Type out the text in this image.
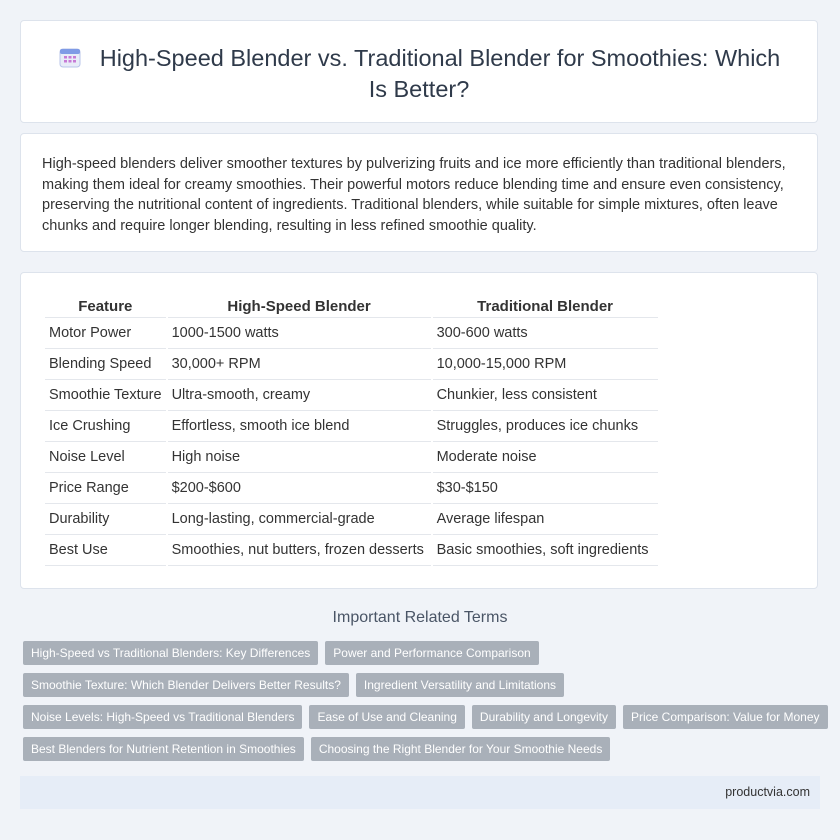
High-Speed Blender vs. Traditional Blender for Smoothies: Which Is Better?
High-speed blenders deliver smoother textures by pulverizing fruits and ice more efficiently than traditional blenders, making them ideal for creamy smoothies. Their powerful motors reduce blending time and ensure even consistency, preserving the nutritional content of ingredients. Traditional blenders, while suitable for simple mixtures, often leave chunks and require longer blending, resulting in less refined smoothie quality.
Feature	High-Speed Blender	Traditional Blender
Motor Power	1000-1500 watts	300-600 watts
Blending Speed	30,000+ RPM	10,000-15,000 RPM
Smoothie Texture	Ultra-smooth, creamy	Chunkier, less consistent
Ice Crushing	Effortless, smooth ice blend	Struggles, produces ice chunks
Noise Level	High noise	Moderate noise
Price Range	$200-$600	$30-$150
Durability	Long-lasting, commercial-grade	Average lifespan
Best Use	Smoothies, nut butters, frozen desserts	Basic smoothies, soft ingredients
Important Related Terms
High-Speed vs Traditional Blenders: Key Differences	Power and Performance Comparison
Smoothie Texture: Which Blender Delivers Better Results?	Ingredient Versatility and Limitations
Noise Levels: High-Speed vs Traditional Blenders	Ease of Use and Cleaning	Durability and Longevity	Price Comparison: Value for Money
Best Blenders for Nutrient Retention in Smoothies	Choosing the Right Blender for Your Smoothie Needs
productvia.com
